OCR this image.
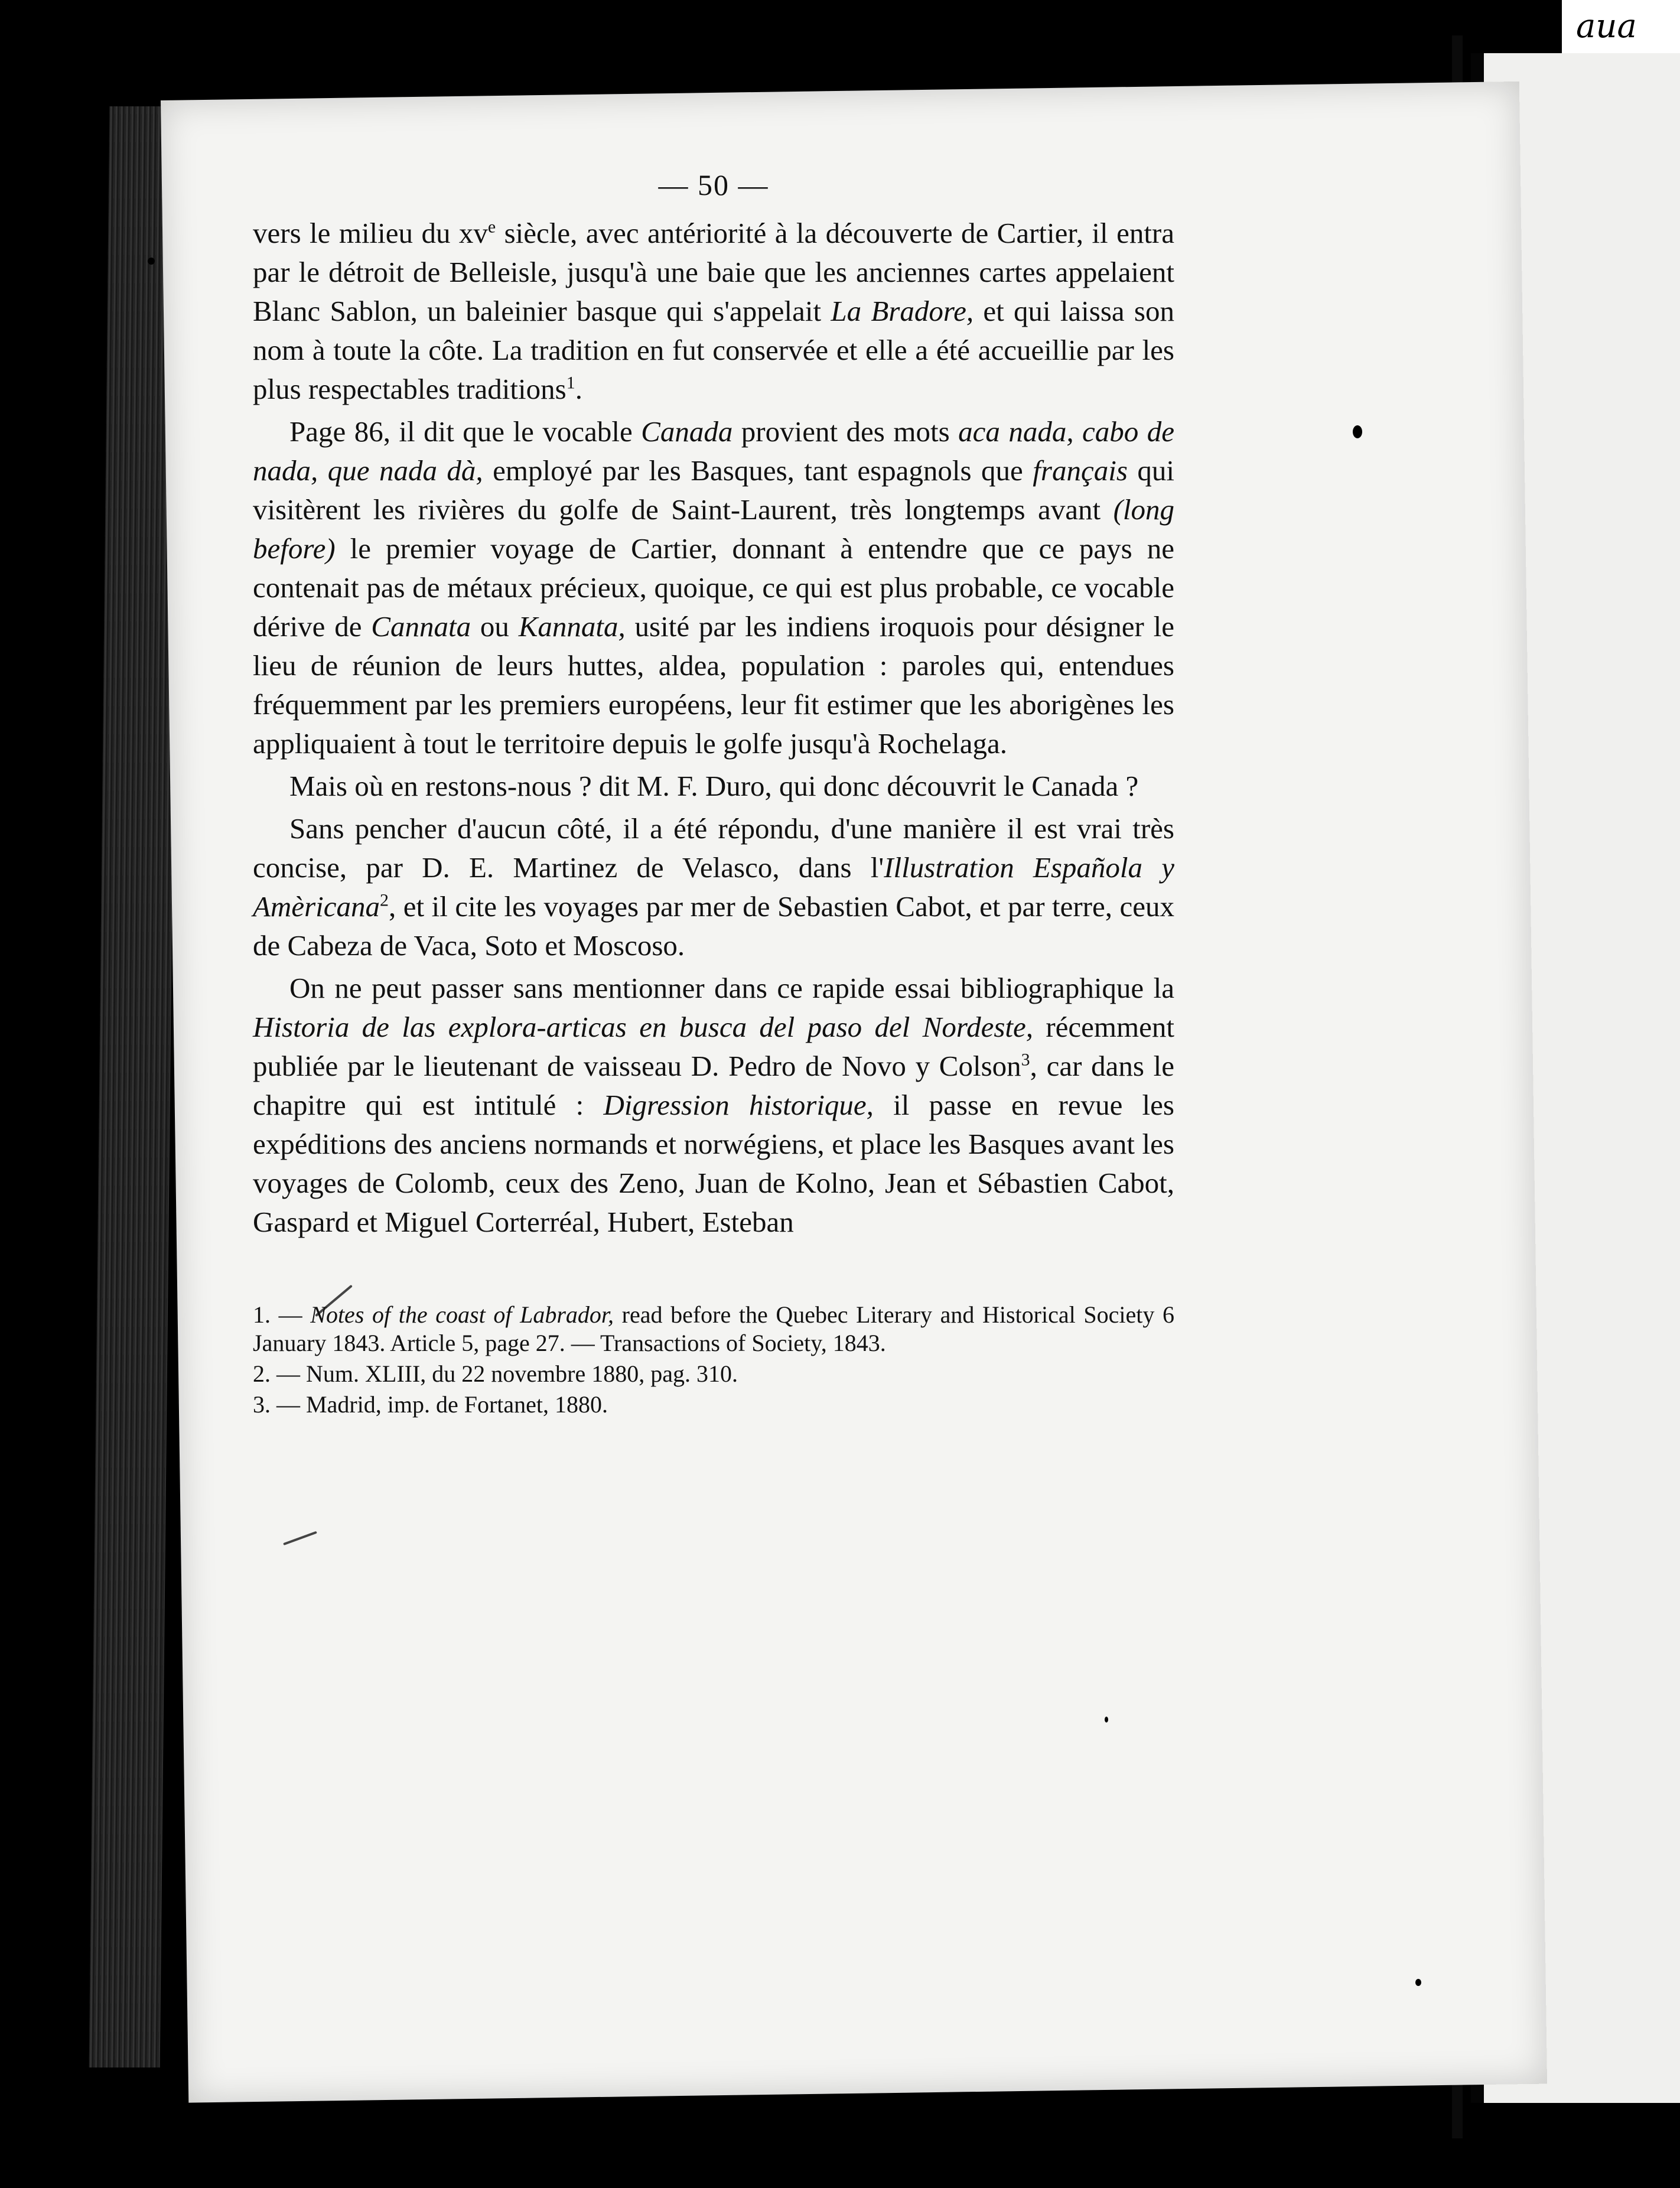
aua
— 50 —

vers le milieu du $xv^e$ siècle, avec antériorité à la découverte de Cartier, il entra par le détroit de Belleisle, jusqu'à une baie que les anciennes cartes appelaient Blanc Sablon, un baleinier basque qui s'appelait La Bradore, et qui laissa son nom à toute la côte. La tradition en fut conservée et elle a été accueillie par les plus respectables traditions$^1$.

Page 86, il dit que le vocable Canada provient des mots aca nada, cabo de nada, que nada dà, employé par les Basques, tant espagnols que français qui visitèrent les rivières du golfe de Saint-Laurent, très longtemps avant (long before) le premier voyage de Cartier, donnant à entendre que ce pays ne contenait pas de métaux précieux, quoique, ce qui est plus probable, ce vocable dérive de Cannata ou Kannata, usité par les indiens iroquois pour désigner le lieu de réunion de leurs huttes, aldea, population : paroles qui, entendues fréquemment par les premiers européens, leur fit estimer que les aborigènes les appliquaient à tout le territoire depuis le golfe jusqu'à Rochelaga.

Mais où en restons-nous ? dit M. F. Duro, qui donc découvrit le Canada ?

Sans pencher d'aucun côté, il a été répondu, d'une manière il est vrai très concise, par D. E. Martinez de Velasco, dans l'Illustration Española y Amèricana$^2$, et il cite les voyages par mer de Sebastien Cabot, et par terre, ceux de Cabeza de Vaca, Soto et Moscoso.

On ne peut passer sans mentionner dans ce rapide essai bibliographique la Historia de las explora-articas en busca del paso del Nordeste, récemment publiée par le lieutenant de vaisseau D. Pedro de Novo y Colson$^3$, car dans le chapitre qui est intitulé : Digression historique, il passe en revue les expéditions des anciens normands et norwégiens, et place les Basques avant les voyages de Colomb, ceux des Zeno, Juan de Kolno, Jean et Sébastien Cabot, Gaspard et Miguel Corterréal, Hubert, Esteban

1. — Notes of the coast of Labrador, read before the Quebec Literary and Historical Society 6 January 1843. Article 5, page 27. — Transactions of Society, 1843.

2. — Num. XLIII, du 22 novembre 1880, pag. 310.

3. — Madrid, imp. de Fortanet, 1880.
